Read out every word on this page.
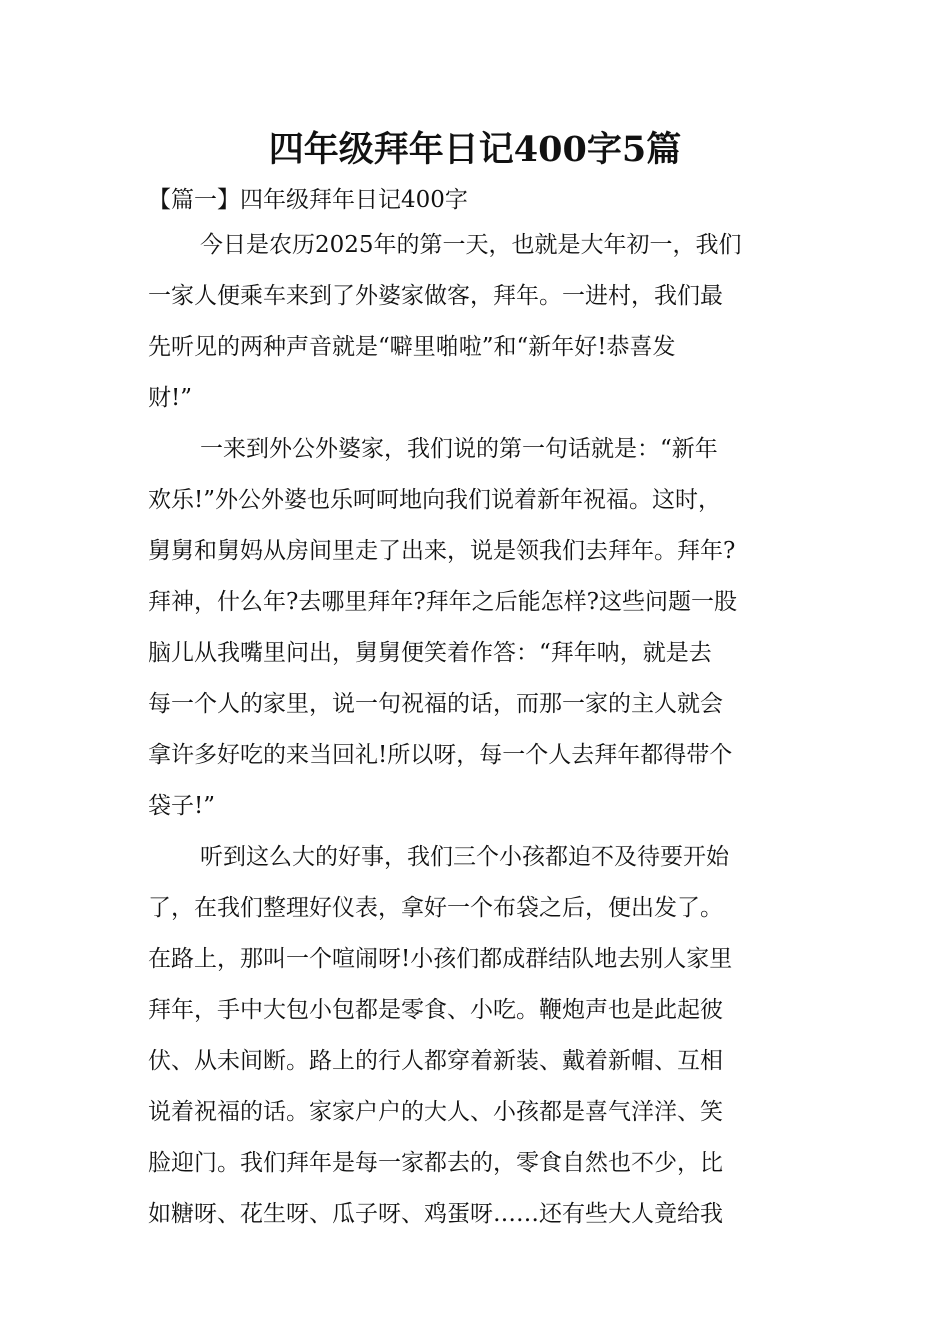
四年级拜年日记400字5篇
【篇一】四年级拜年日记400字
今日是农历2025年的第一天，也就是大年初一，我们
一家人便乘车来到了外婆家做客，拜年。一进村，我们最
先听见的两种声音就是“噼里啪啦”和“新年好!恭喜发
财!”
一来到外公外婆家，我们说的第一句话就是：“新年
欢乐!”外公外婆也乐呵呵地向我们说着新年祝福。这时，
舅舅和舅妈从房间里走了出来，说是领我们去拜年。拜年?
拜神，什么年?去哪里拜年?拜年之后能怎样?这些问题一股
脑儿从我嘴里问出，舅舅便笑着作答：“拜年呐，就是去
每一个人的家里，说一句祝福的话，而那一家的主人就会
拿许多好吃的来当回礼!所以呀，每一个人去拜年都得带个
袋子!”
听到这么大的好事，我们三个小孩都迫不及待要开始
了，在我们整理好仪表，拿好一个布袋之后，便出发了。
在路上，那叫一个喧闹呀!小孩们都成群结队地去别人家里
拜年，手中大包小包都是零食、小吃。鞭炮声也是此起彼
伏、从未间断。路上的行人都穿着新装、戴着新帽、互相
说着祝福的话。家家户户的大人、小孩都是喜气洋洋、笑
脸迎门。我们拜年是每一家都去的，零食自然也不少，比
如糖呀、花生呀、瓜子呀、鸡蛋呀……还有些大人竟给我
